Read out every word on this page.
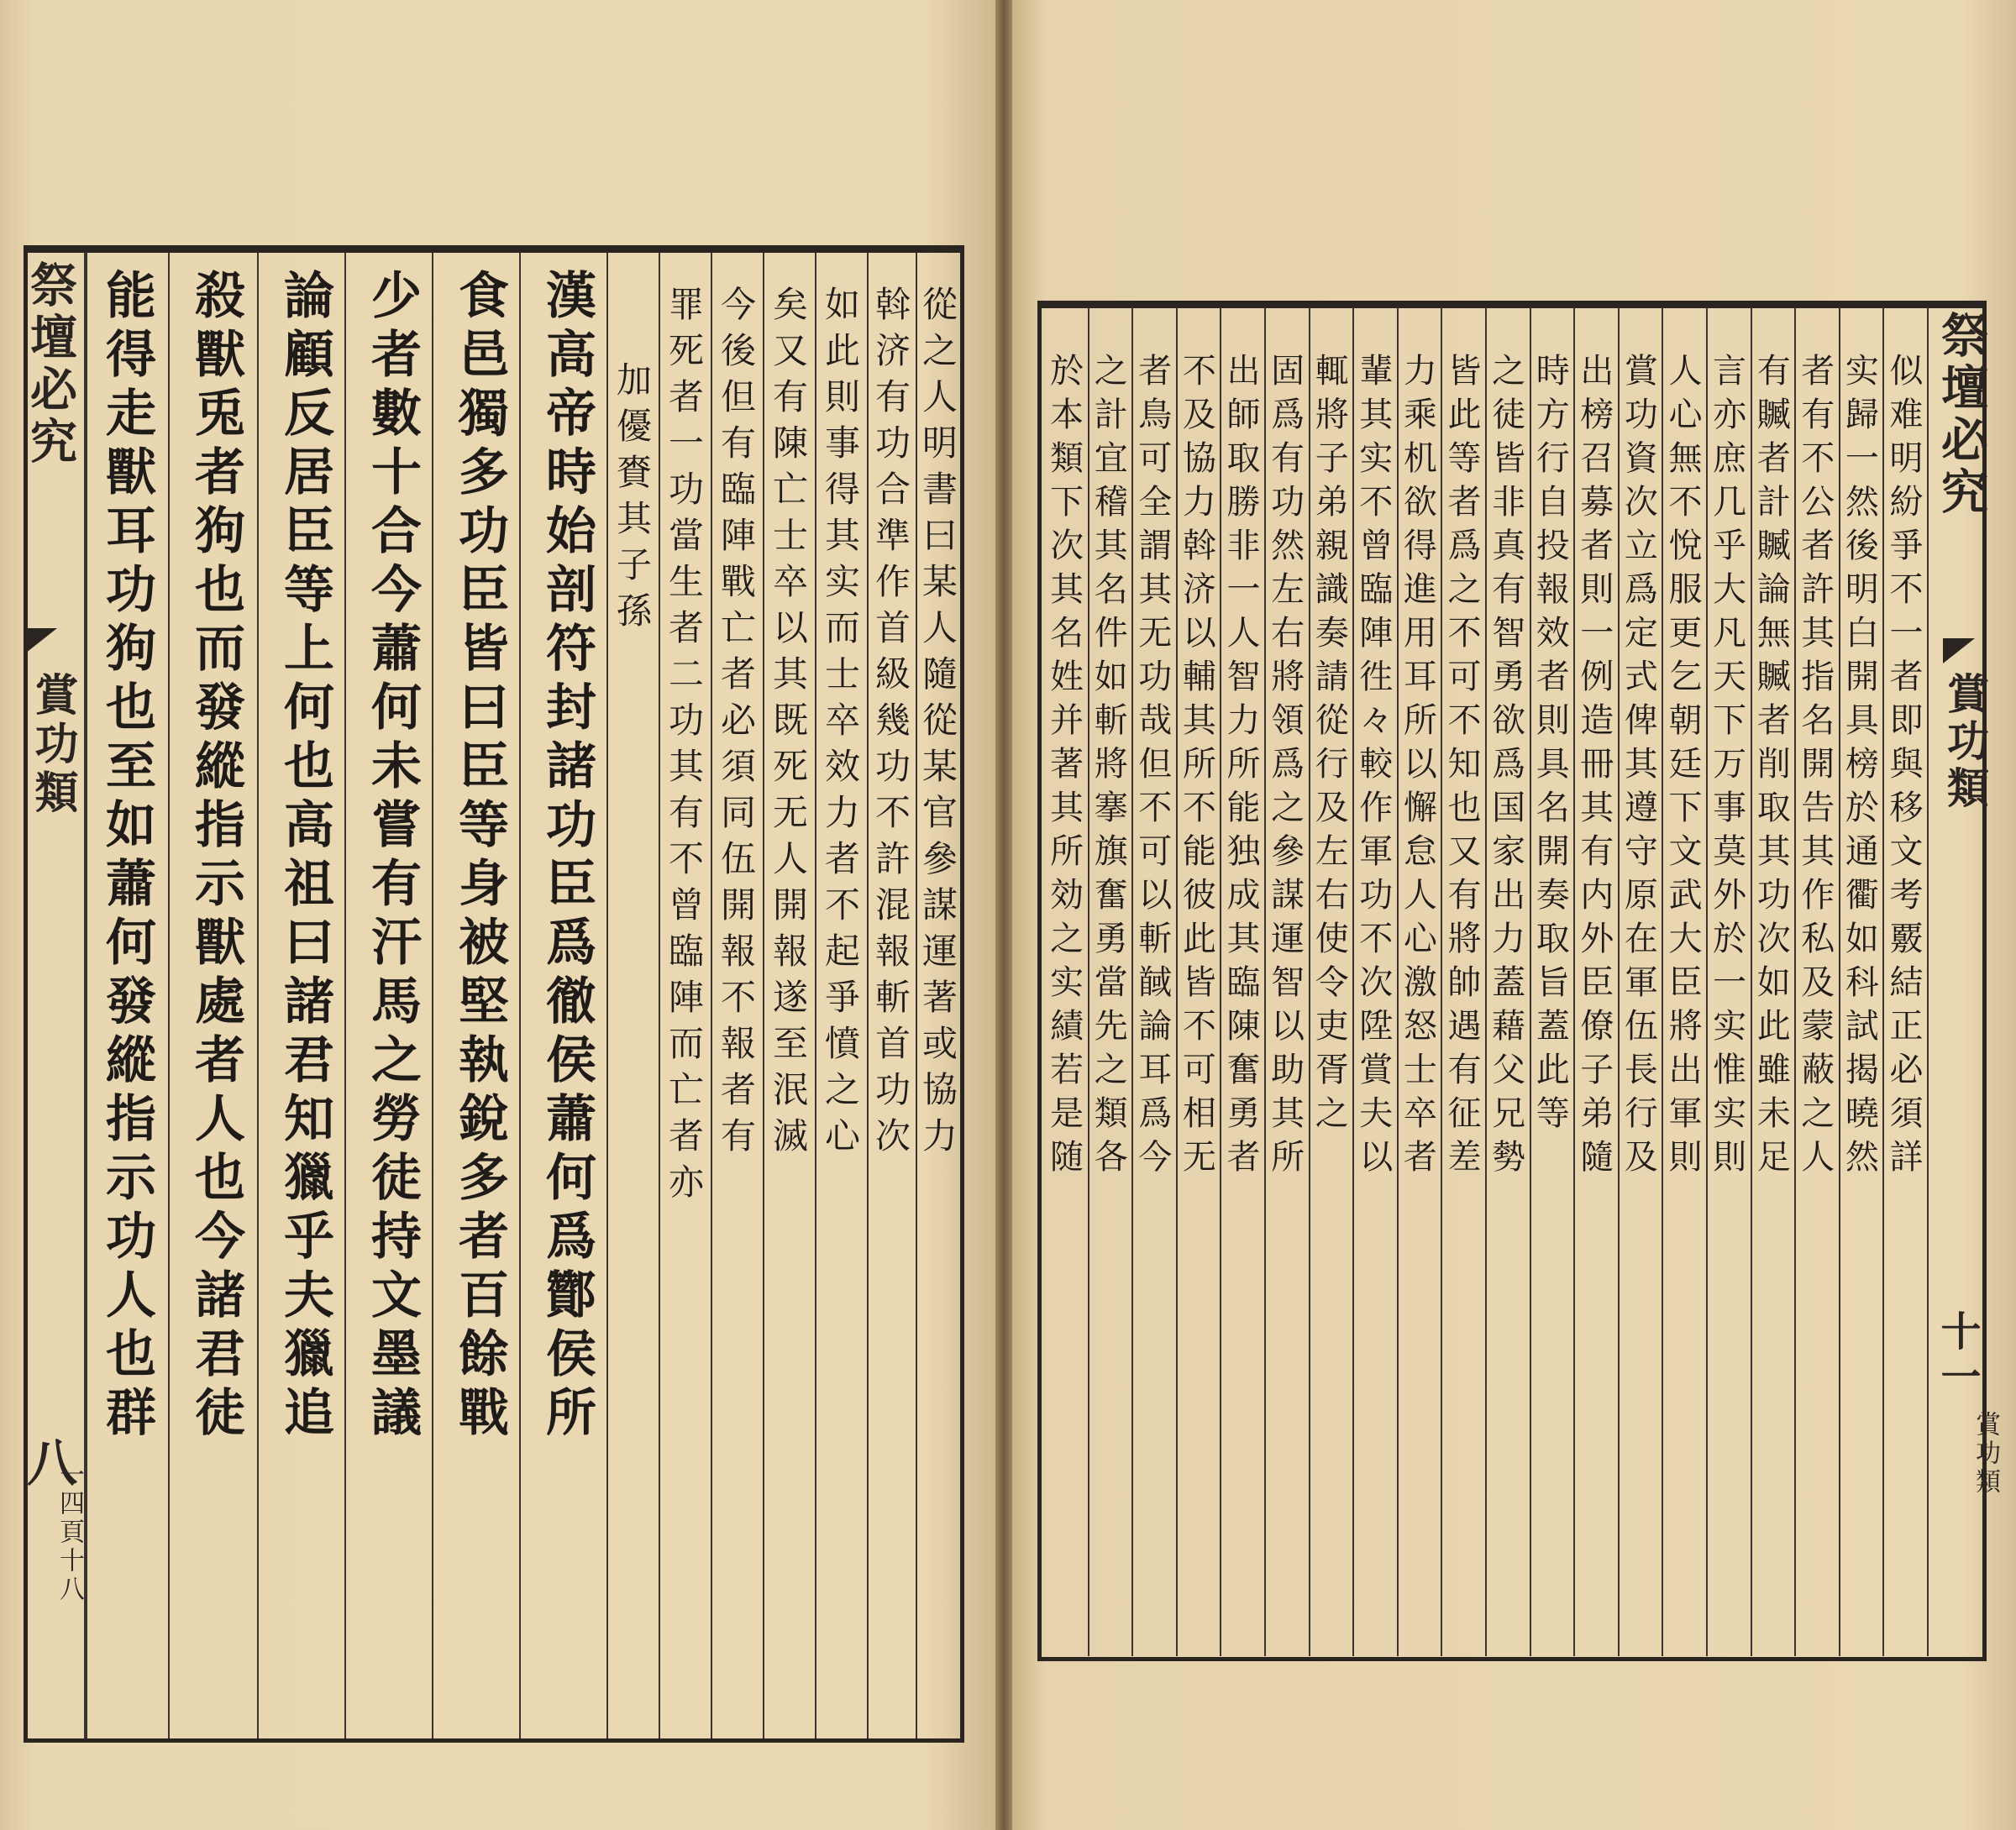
祭壇必究
賞功類
八
一四頁十八
能得走獸耳功狗也至如蕭何發縱指示功人也群 殺獸兎者狗也而發縱指示獸處者人也今諸君徒 論顧反居臣等上何也高祖曰諸君知獵乎夫獵追 少者數十合今蕭何未嘗有汗馬之勞徒持文墨議 食邑獨多功臣皆曰臣等身被堅執銳多者百餘戰 漢高帝時始剖符封諸功臣爲徹侯蕭何爲酇侯所 加優賚其子孫 罪死者一功當生者二功其有不曾臨陣而亡者亦 今後但有臨陣戰亡者必須同伍開報不報者有 矣又有陳亡士卒以其既死无人開報遂至泯滅 如此則事得其实而士卒效力者不起爭憤之心 斡济有功合準作首級幾功不許混報斬首功次 從之人明書曰某人隨從某官參謀運著或協力	似难明紛爭不一者即與移文考覈結正必須詳
实歸一然後明白開具榜於通衢如科試揭曉然
者有不公者許其指名開告其作私及蒙蔽之人
有贓者計贓論無贓者削取其功次如此雖未足
言亦庶几乎大凡天下万事莫外於一实惟实則
人心無不悅服更乞朝廷下文武大臣將出軍則
賞功資次立爲定式俾其遵守原在軍伍長行及
出榜召募者則一例造冊其有内外臣僚子弟隨
時方行自投報效者則具名開奏取旨蓋此等
之徒皆非真有智勇欲爲国家出力蓋藉父兄勢
皆此等者爲之不可不知也又有將帥遇有征差
力乘机欲得進用耳所以懈怠人心激怒士卒者
輩其实不曾臨陣徃々較作軍功不次陞賞夫以
輒將子弟親識奏請從行及左右使令吏胥之
固爲有功然左右將領爲之參謀運智以助其所
出師取勝非一人智力所能独成其臨陳奮勇者
不及協力斡济以輔其所不能彼此皆不可相无
者鳥可全謂其无功哉但不可以斬馘論耳爲今
之計宜稽其名件如斬將搴旗奮勇當先之類各
於本類下次其名姓并著其所効之实績若是随	祭壇必究
賞功類
十一
賞功類
